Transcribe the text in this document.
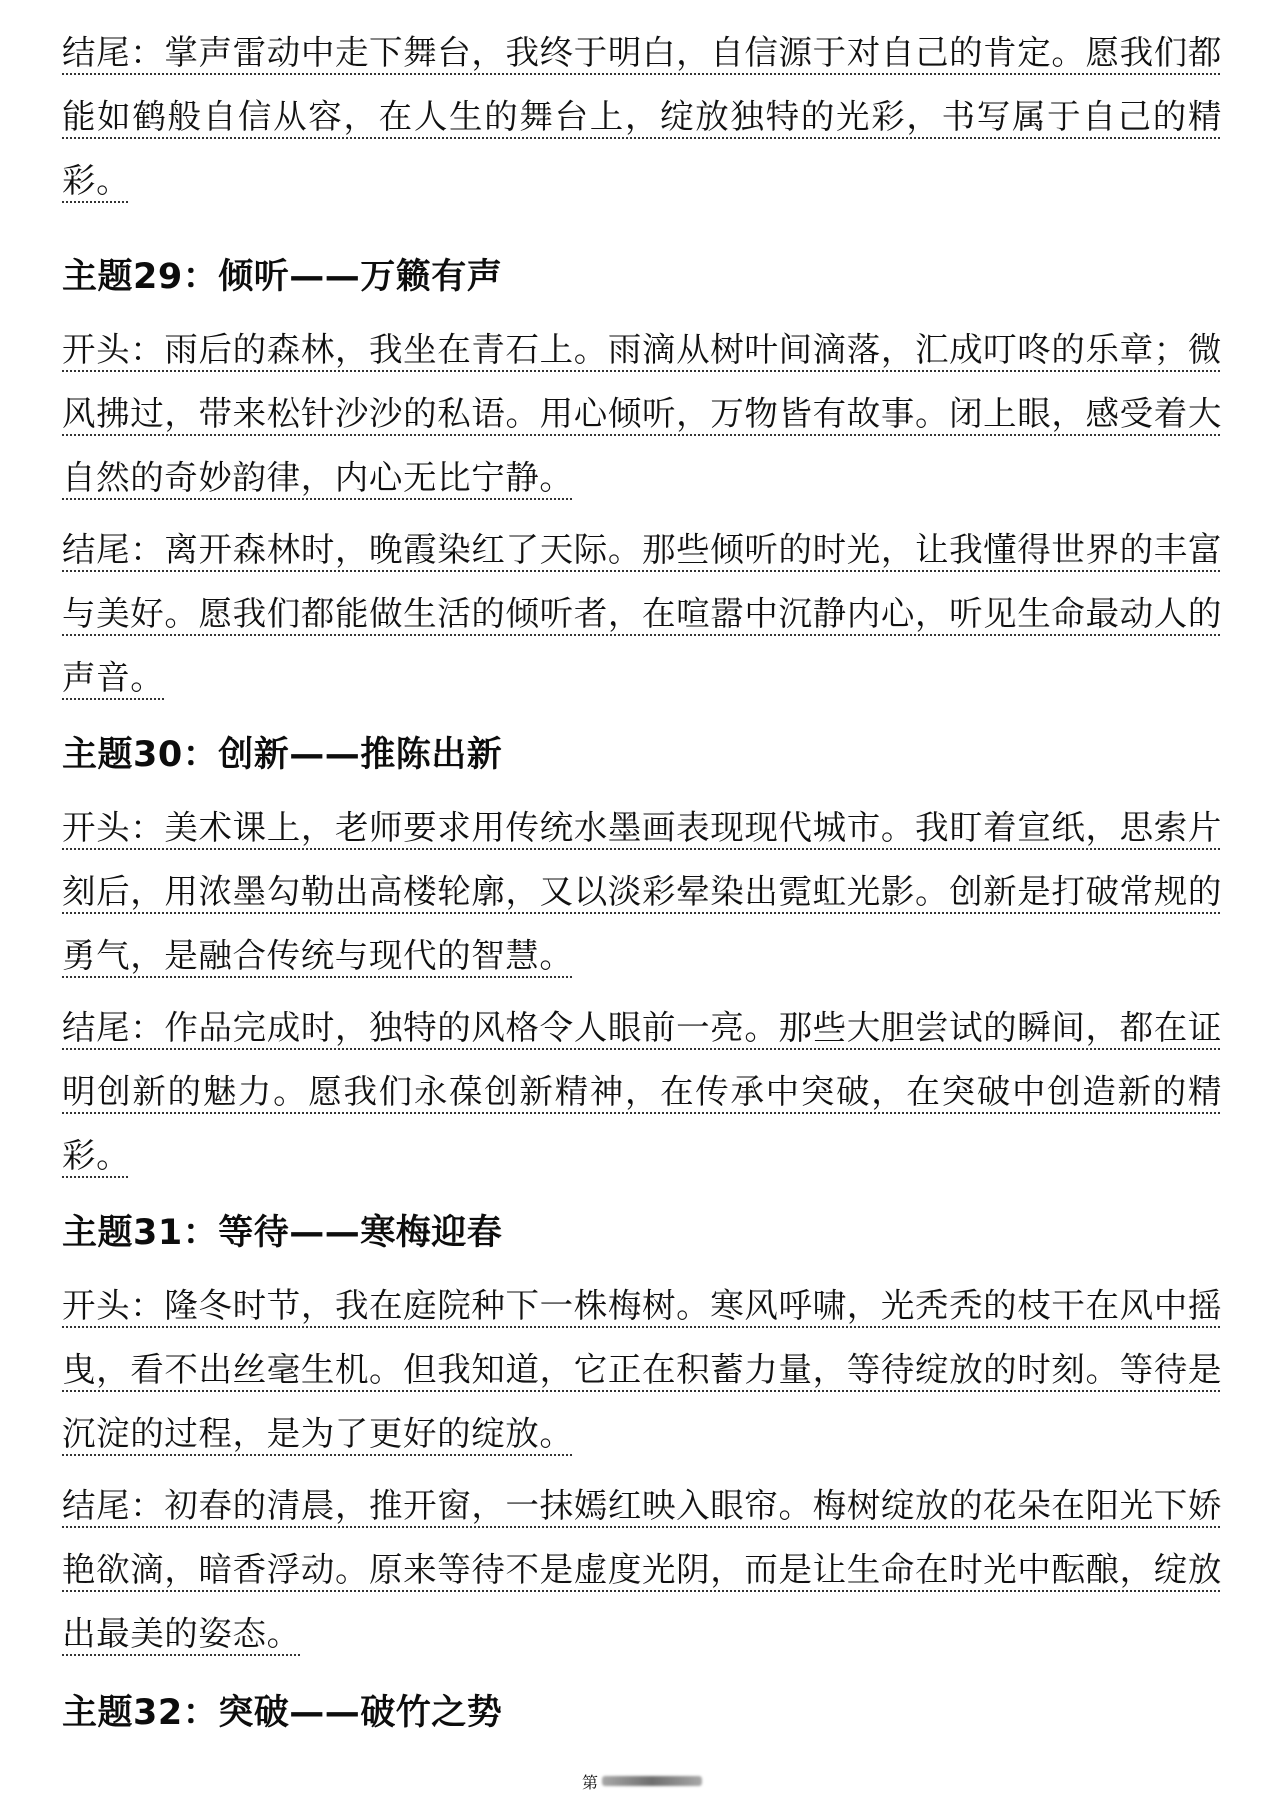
结尾：掌声雷动中走下舞台，我终于明白，自信源于对自己的肯定。愿我们都能如鹤般自信从容，在人生的舞台上，绽放独特的光彩，书写属于自己的精彩。
主题29：倾听——万籁有声
开头：雨后的森林，我坐在青石上。雨滴从树叶间滴落，汇成叮咚的乐章；微风拂过，带来松针沙沙的私语。用心倾听，万物皆有故事。闭上眼，感受着大自然的奇妙韵律，内心无比宁静。
结尾：离开森林时，晚霞染红了天际。那些倾听的时光，让我懂得世界的丰富与美好。愿我们都能做生活的倾听者，在喧嚣中沉静内心，听见生命最动人的声音。
主题30：创新——推陈出新
开头：美术课上，老师要求用传统水墨画表现现代城市。我盯着宣纸，思索片刻后，用浓墨勾勒出高楼轮廓，又以淡彩晕染出霓虹光影。创新是打破常规的勇气，是融合传统与现代的智慧。
结尾：作品完成时，独特的风格令人眼前一亮。那些大胆尝试的瞬间，都在证明创新的魅力。愿我们永葆创新精神，在传承中突破，在突破中创造新的精彩。
主题31：等待——寒梅迎春
开头：隆冬时节，我在庭院种下一株梅树。寒风呼啸，光秃秃的枝干在风中摇曳，看不出丝毫生机。但我知道，它正在积蓄力量，等待绽放的时刻。等待是沉淀的过程，是为了更好的绽放。
结尾：初春的清晨，推开窗，一抹嫣红映入眼帘。梅树绽放的花朵在阳光下娇艳欲滴，暗香浮动。原来等待不是虚度光阴，而是让生命在时光中酝酿，绽放出最美的姿态。
主题32：突破——破竹之势
第
